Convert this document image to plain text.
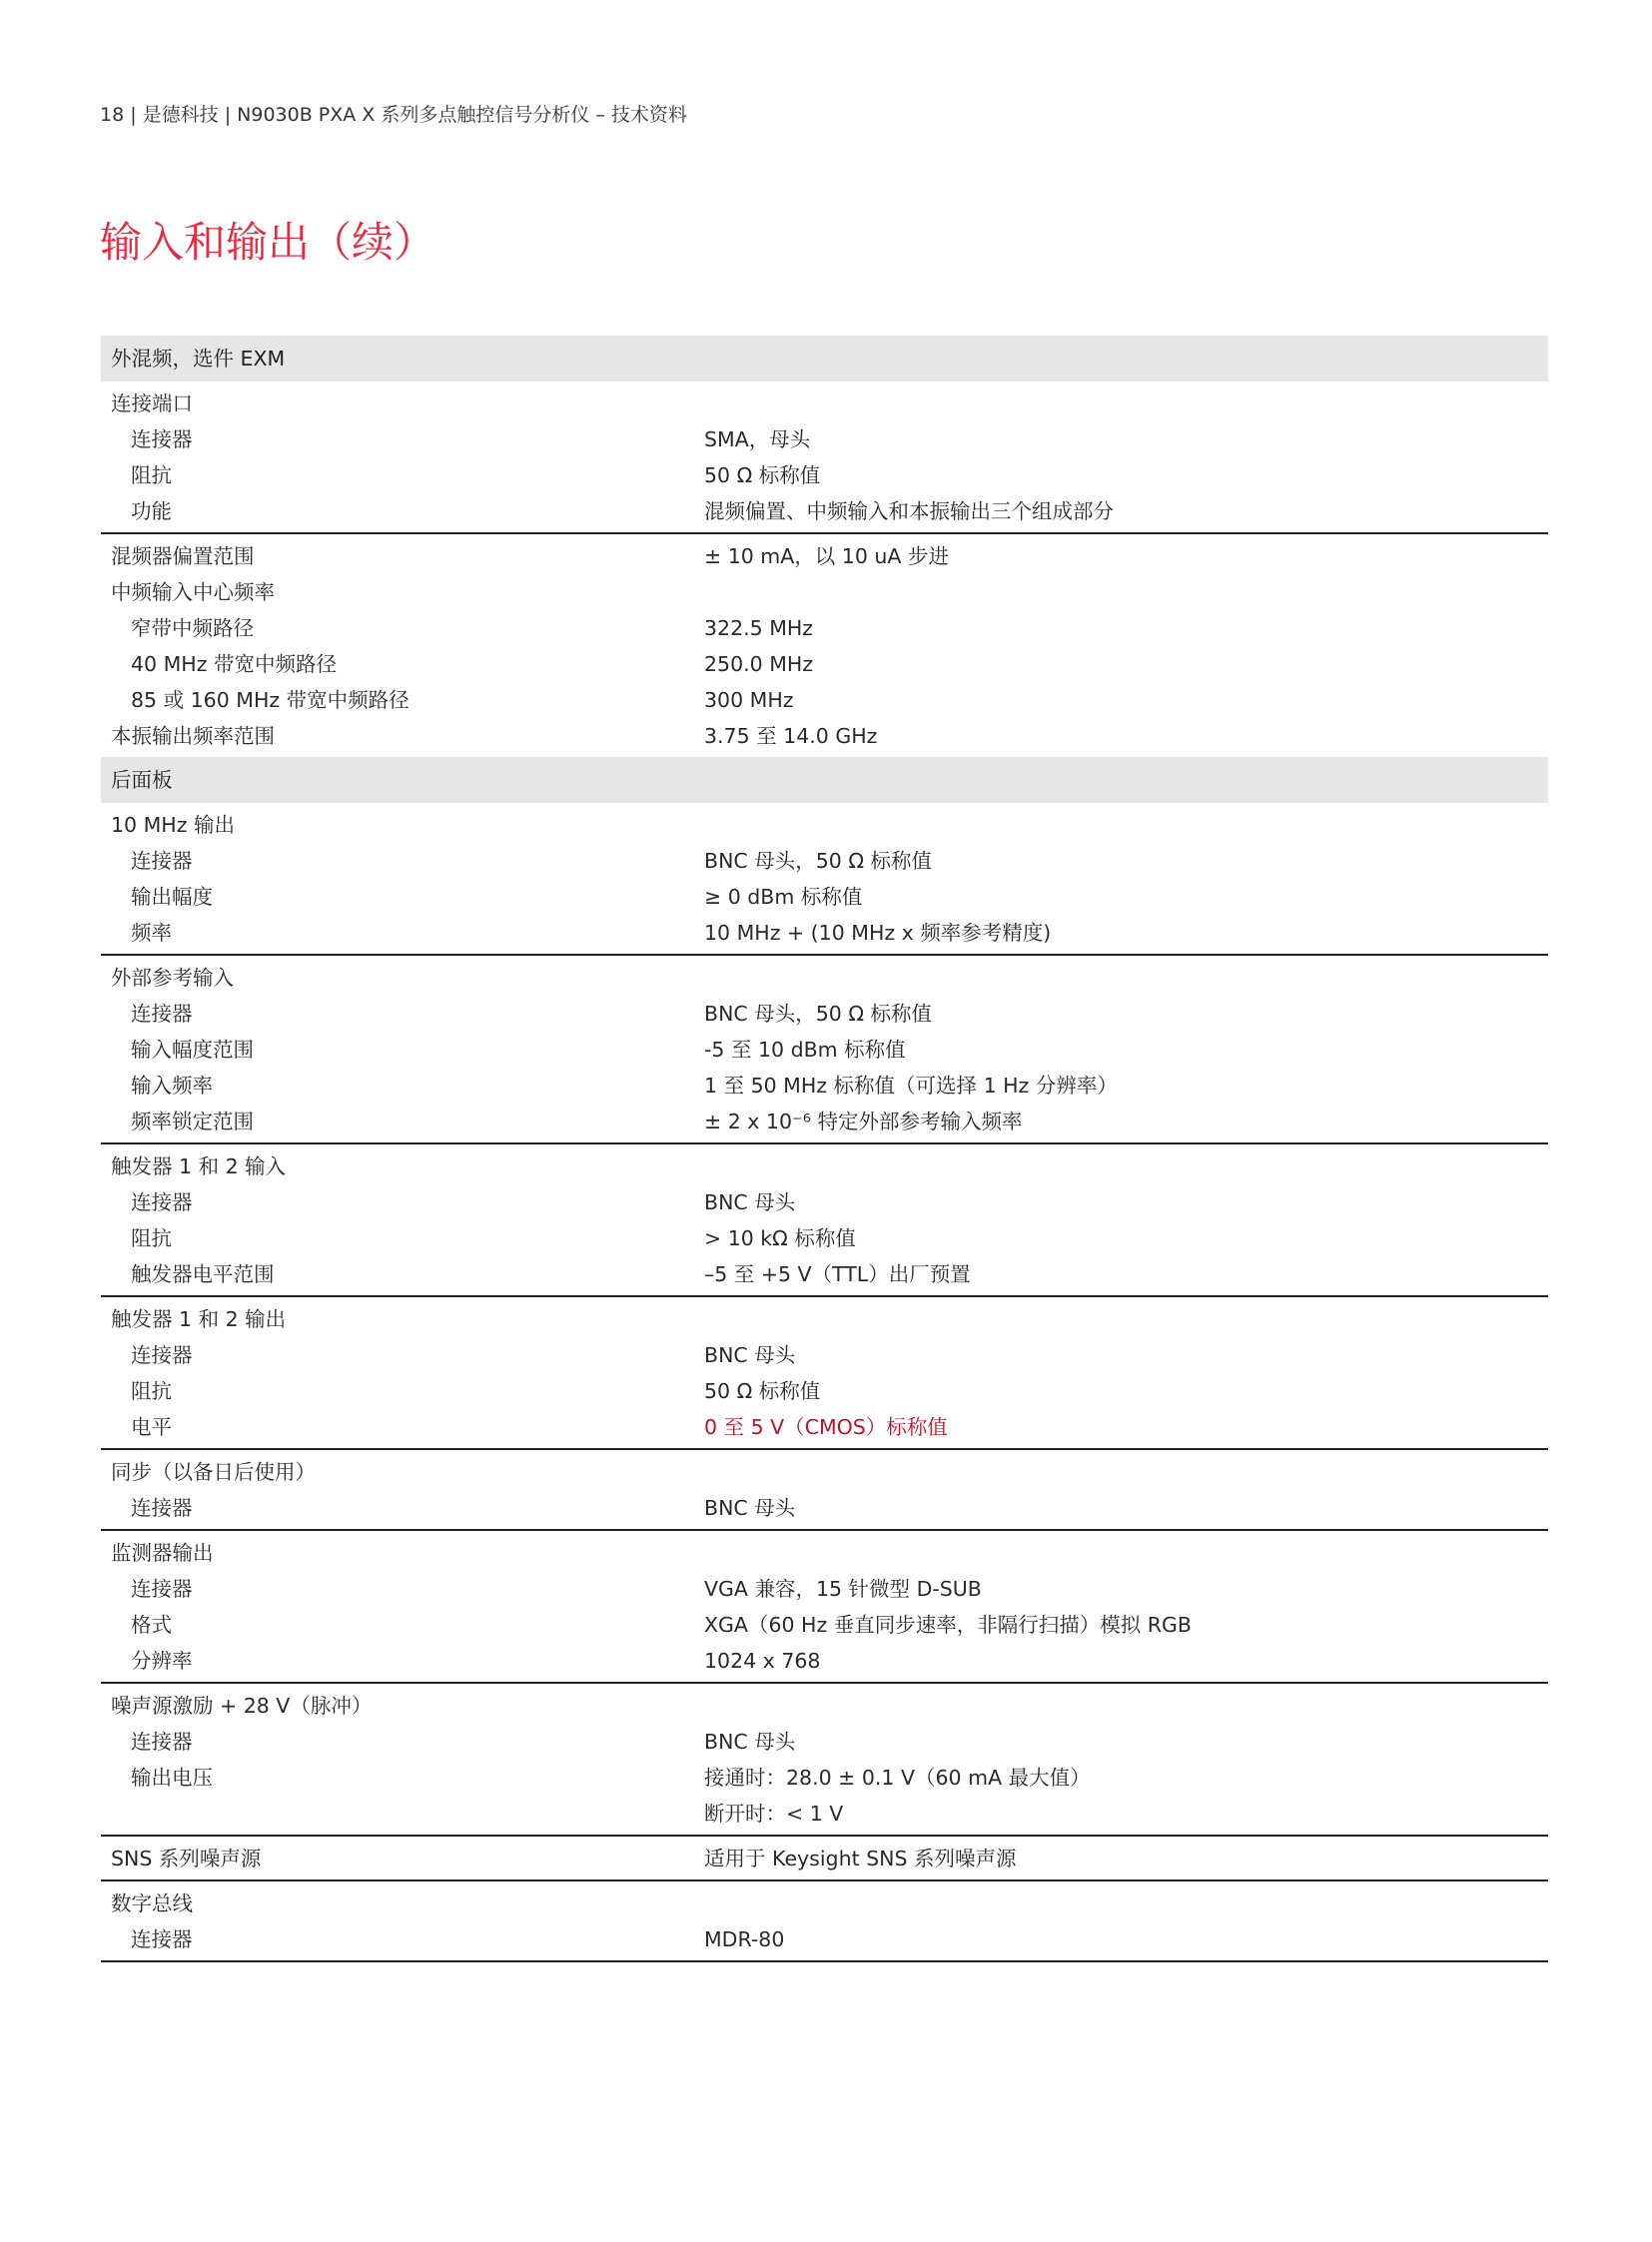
18 | 是德科技 | N9030B PXA X 系列多点触控信号分析仪 – 技术资料
输入和输出（续）
外混频，选件 EXM
连接端口
连接器	SMA，母头
阻抗	50 Ω 标称值
功能	混频偏置、中频输入和本振输出三个组成部分
混频器偏置范围	± 10 mA，以 10 uA 步进
中频输入中心频率
窄带中频路径	322.5 MHz
40 MHz 带宽中频路径	250.0 MHz
85 或 160 MHz 带宽中频路径	300 MHz
本振输出频率范围	3.75 至 14.0 GHz
后面板
10 MHz 输出
连接器	BNC 母头，50 Ω 标称值
输出幅度	≥ 0 dBm 标称值
频率	10 MHz + (10 MHz x 频率参考精度)
外部参考输入
连接器	BNC 母头，50 Ω 标称值
输入幅度范围	-5 至 10 dBm 标称值
输入频率	1 至 50 MHz 标称值（可选择 1 Hz 分辨率）
频率锁定范围	± 2 x 10⁻⁶ 特定外部参考输入频率
触发器 1 和 2 输入
连接器	BNC 母头
阻抗	> 10 kΩ 标称值
触发器电平范围	–5 至 +5 V（TTL）出厂预置
触发器 1 和 2 输出
连接器	BNC 母头
阻抗	50 Ω 标称值
电平	0 至 5 V（CMOS）标称值
同步（以备日后使用）
连接器	BNC 母头
监测器输出
连接器	VGA 兼容，15 针微型 D-SUB
格式	XGA（60 Hz 垂直同步速率，非隔行扫描）模拟 RGB
分辨率	1024 x 768
噪声源激励 + 28 V（脉冲）
连接器	BNC 母头
输出电压	接通时：28.0 ± 0.1 V（60 mA 最大值）
断开时：< 1 V
SNS 系列噪声源	适用于 Keysight SNS 系列噪声源
数字总线
连接器	MDR-80
